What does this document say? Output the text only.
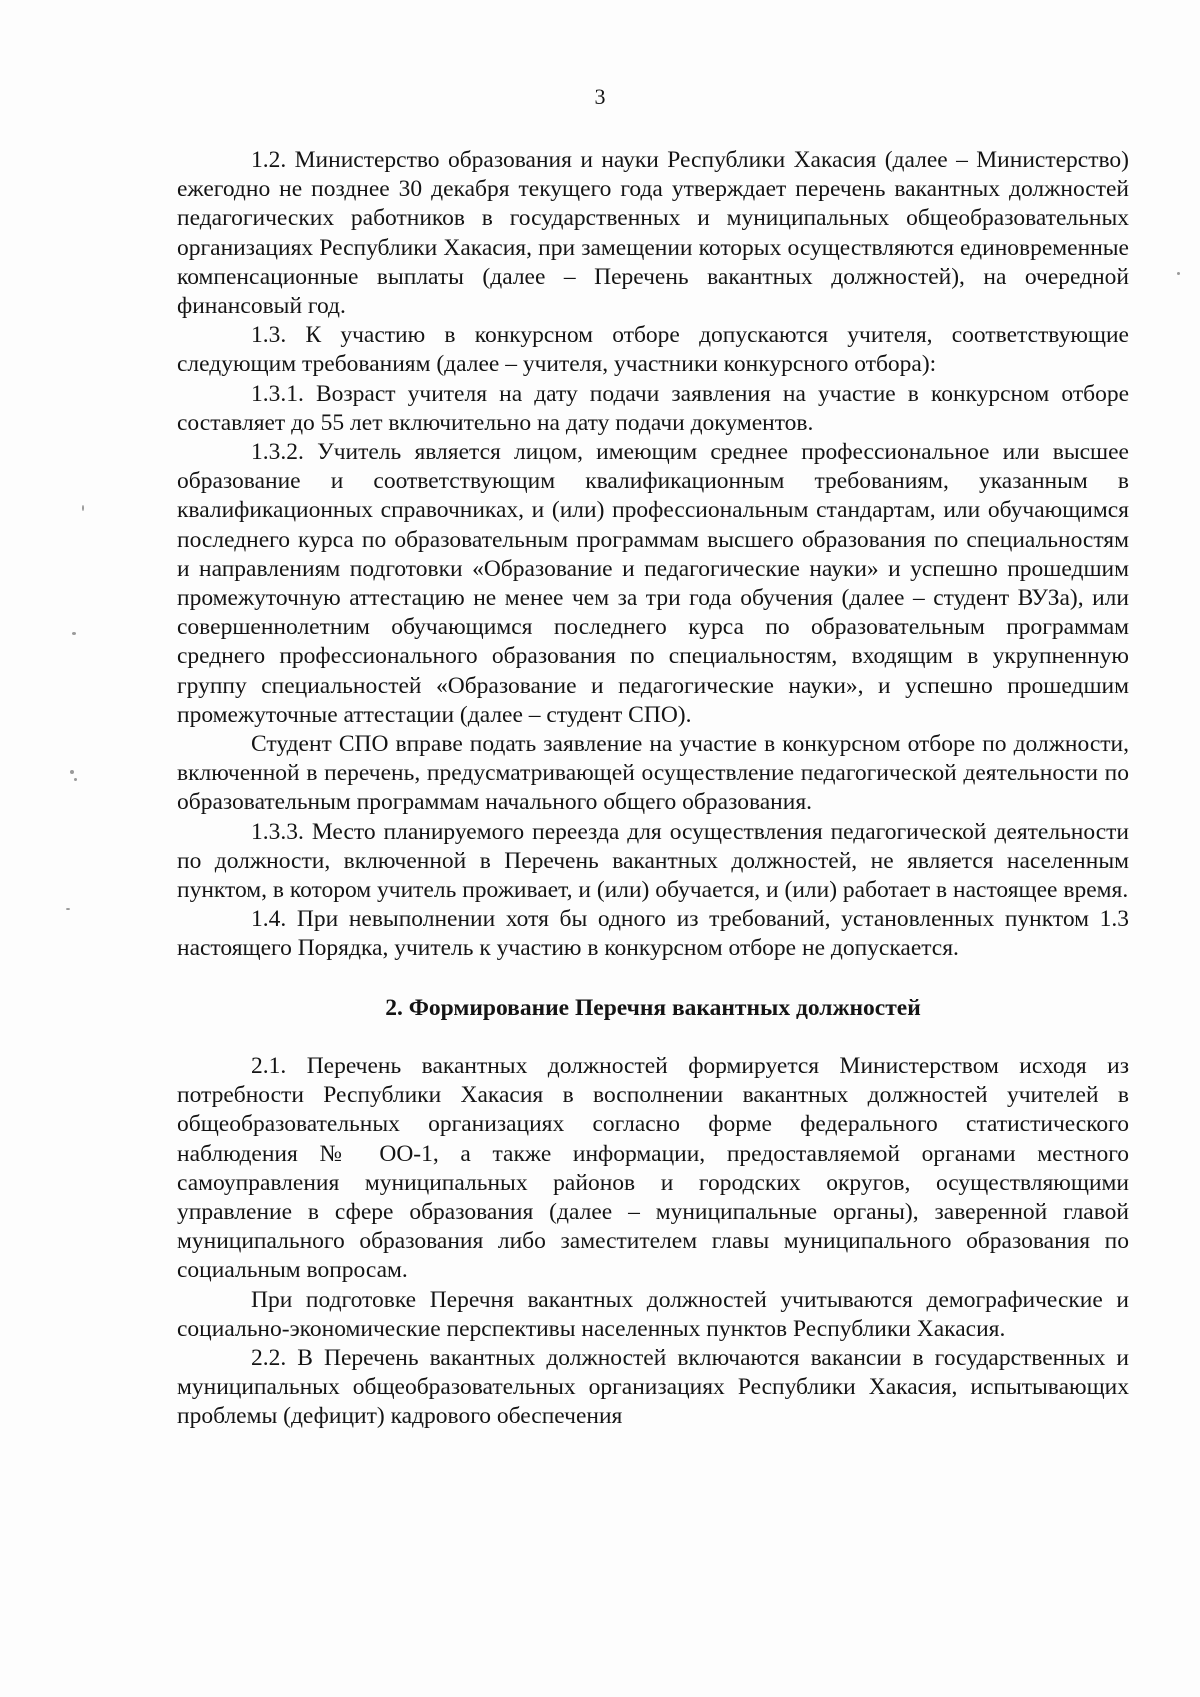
3

1.2. Министерство образования и науки Республики Хакасия (далее – Министерство) ежегодно не позднее 30 декабря текущего года утверждает перечень вакантных должностей педагогических работников в государственных и муниципальных общеобразовательных организациях Республики Хакасия, при замещении которых осуществляются единовременные компенсационные выплаты (далее – Перечень вакантных должностей), на очередной финансовый год.

1.3. К участию в конкурсном отборе допускаются учителя, соответствующие следующим требованиям (далее – учителя, участники конкурсного отбора):

1.3.1. Возраст учителя на дату подачи заявления на участие в конкурсном отборе составляет до 55 лет включительно на дату подачи документов.

1.3.2. Учитель является лицом, имеющим среднее профессиональное или высшее образование и соответствующим квалификационным требованиям, указанным в квалификационных справочниках, и (или) профессиональным стандартам, или обучающимся последнего курса по образовательным программам высшего образования по специальностям и направлениям подготовки «Образование и педагогические науки» и успешно прошедшим промежуточную аттестацию не менее чем за три года обучения (далее – студент ВУЗа), или совершеннолетним обучающимся последнего курса по образовательным программам среднего профессионального образования по специальностям, входящим в укрупненную группу специальностей «Образование и педагогические науки», и успешно прошедшим промежуточные аттестации (далее – студент СПО).

Студент СПО вправе подать заявление на участие в конкурсном отборе по должности, включенной в перечень, предусматривающей осуществление педагогической деятельности по образовательным программам начального общего образования.

1.3.3. Место планируемого переезда для осуществления педагогической деятельности по должности, включенной в Перечень вакантных должностей, не является населенным пунктом, в котором учитель проживает, и (или) обучается, и (или) работает в настоящее время.

1.4. При невыполнении хотя бы одного из требований, установленных пунктом 1.3 настоящего Порядка, учитель к участию в конкурсном отборе не допускается.

2. Формирование Перечня вакантных должностей

2.1. Перечень вакантных должностей формируется Министерством исходя из потребности Республики Хакасия в восполнении вакантных должностей учителей в общеобразовательных организациях согласно форме федерального статистического наблюдения № ОО-1, а также информации, предоставляемой органами местного самоуправления муниципальных районов и городских округов, осуществляющими управление в сфере образования (далее – муниципальные органы), заверенной главой муниципального образования либо заместителем главы муниципального образования по социальным вопросам.

При подготовке Перечня вакантных должностей учитываются демографические и социально-экономические перспективы населенных пунктов Республики Хакасия.

2.2. В Перечень вакантных должностей включаются вакансии в государственных и муниципальных общеобразовательных организациях Республики Хакасия, испытывающих проблемы (дефицит) кадрового обеспечения
